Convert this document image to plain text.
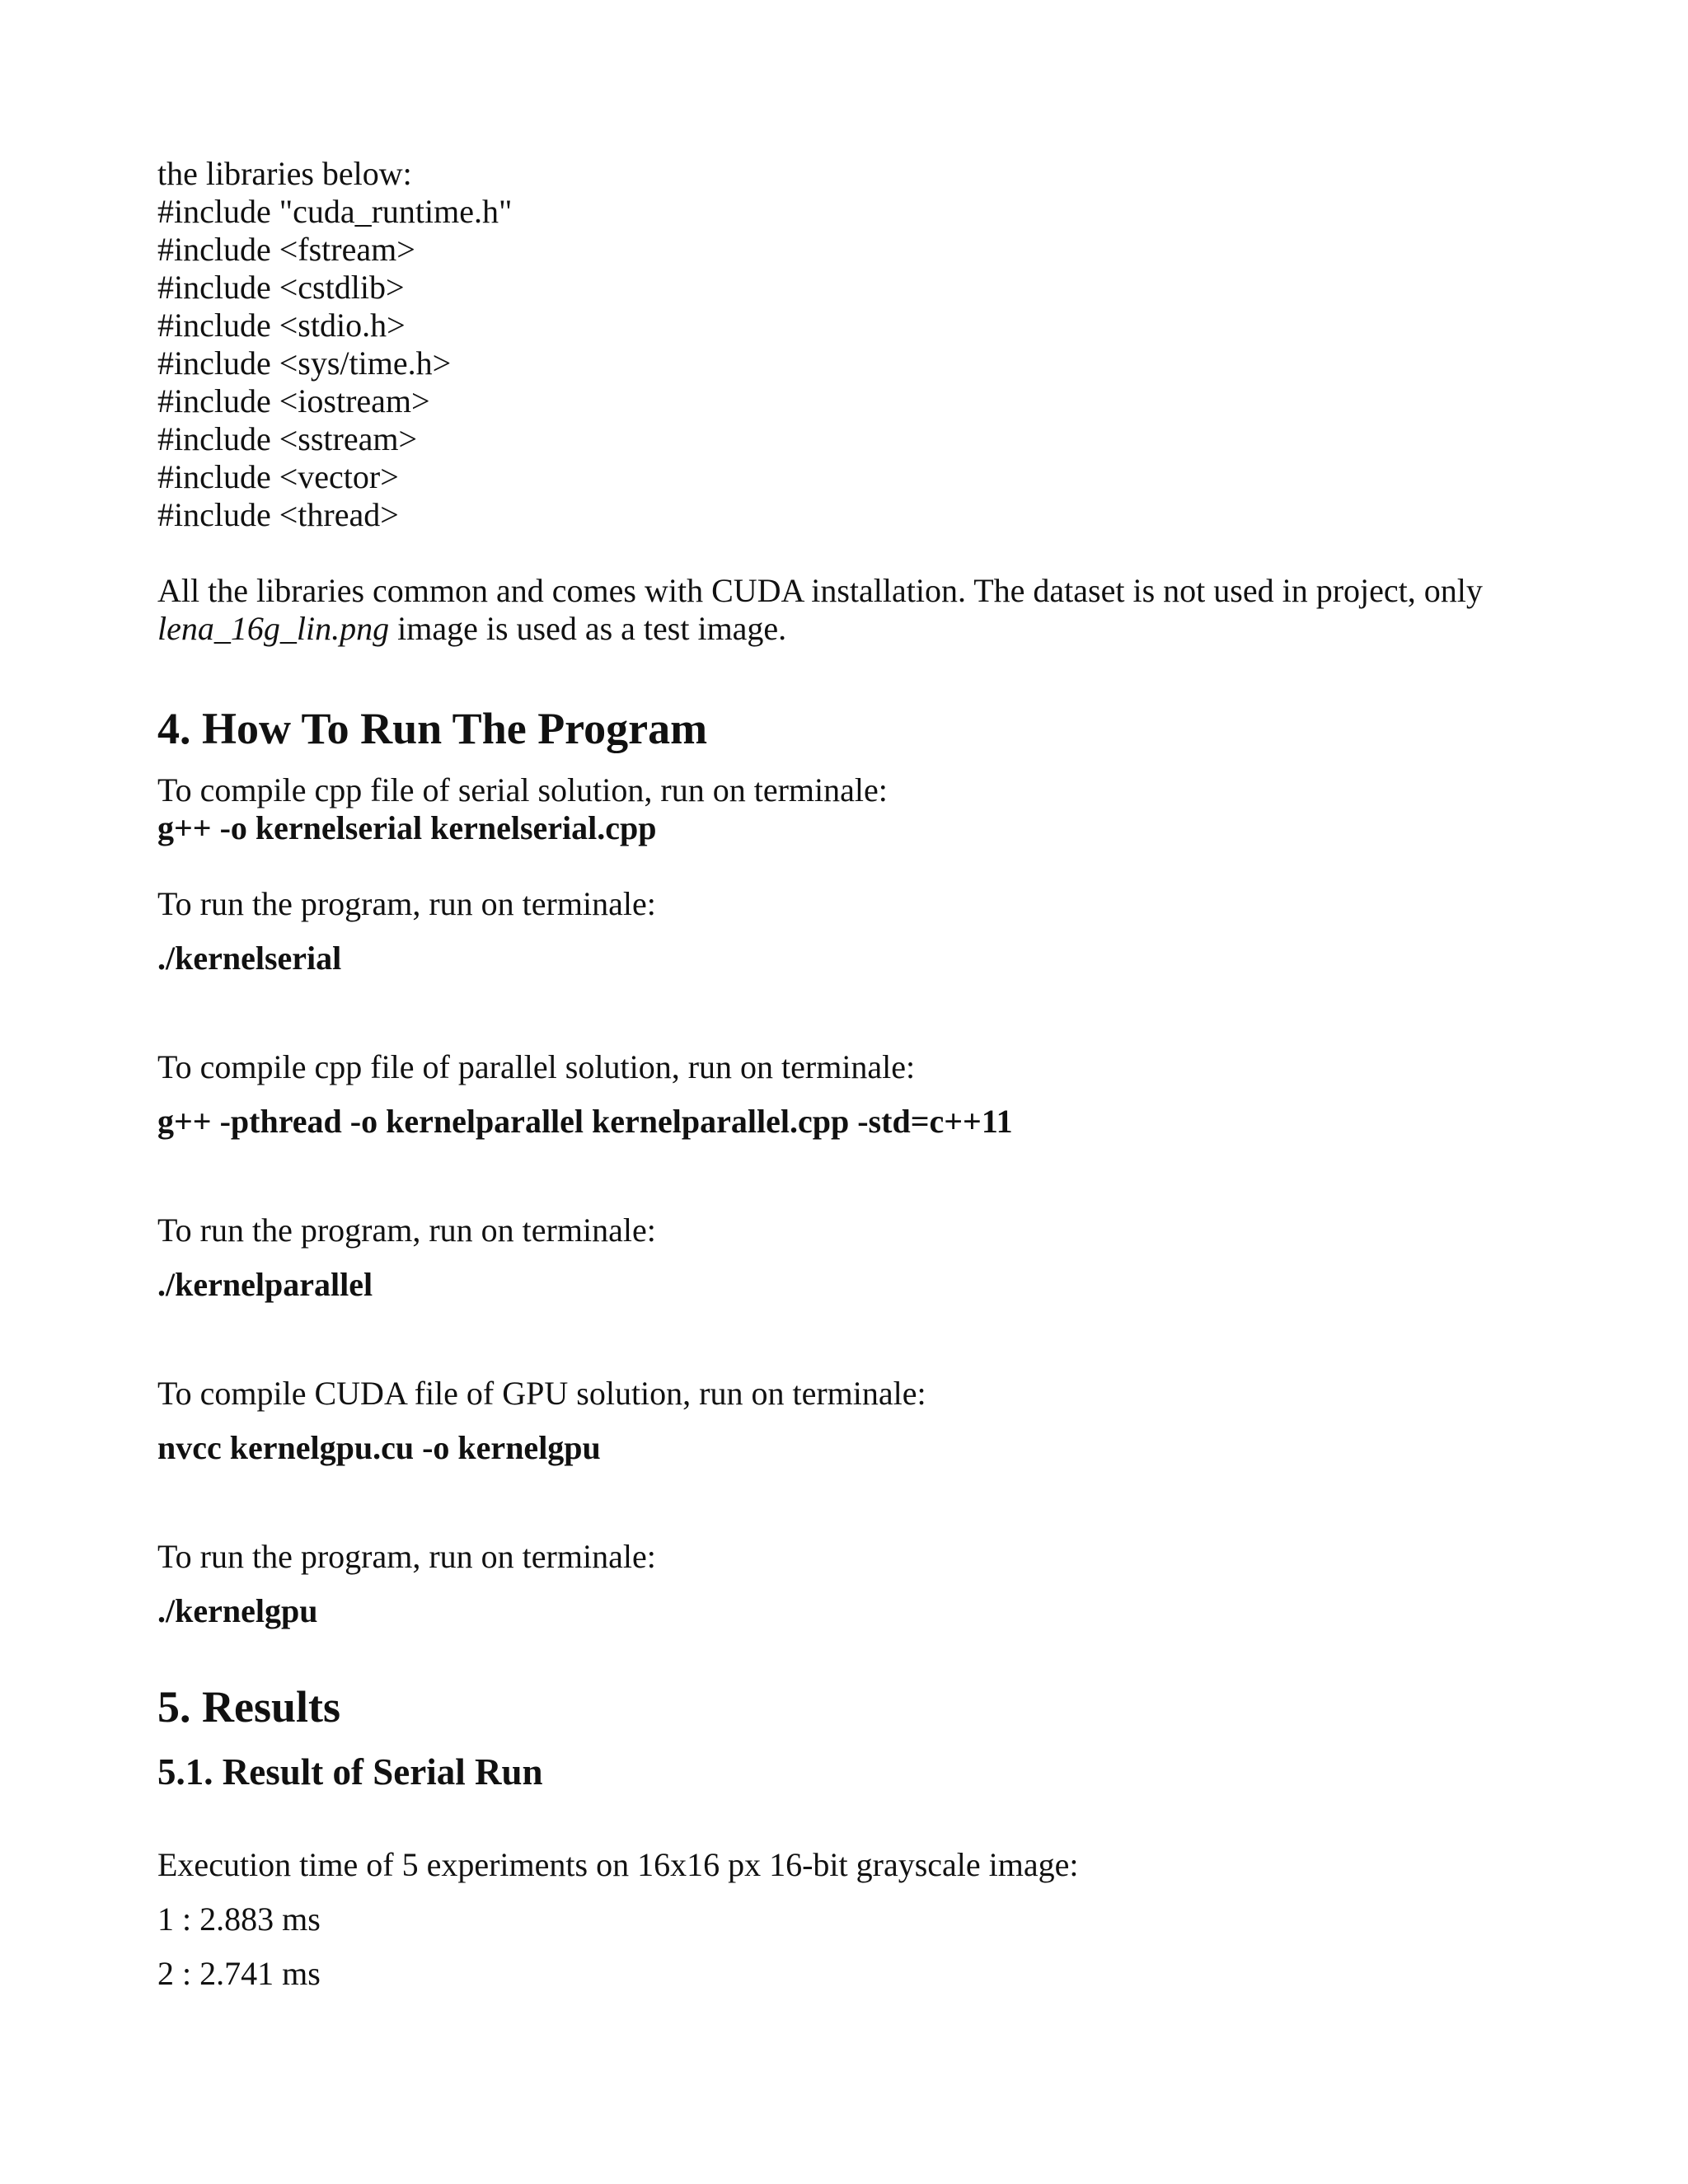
the libraries below:

#include "cuda_runtime.h"

#include <fstream>

#include <cstdlib>

#include <stdio.h>

#include <sys/time.h>

#include <iostream>

#include <sstream>

#include <vector>

#include <thread>

All the libraries common and comes with CUDA installation. The dataset is not used in project, only

lena_16g_lin.png image is used as a test image.

4. How To Run The Program

To compile cpp file of serial solution, run on terminale:

g++ -o kernelserial kernelserial.cpp

To run the program, run on terminale:

./kernelserial

To compile cpp file of parallel solution, run on terminale:

g++ -pthread -o kernelparallel kernelparallel.cpp -std=c++11

To run the program, run on terminale:

./kernelparallel

To compile CUDA file of GPU solution, run on terminale:

nvcc kernelgpu.cu -o kernelgpu

To run the program, run on terminale:

./kernelgpu

5. Results
5.1. Result of Serial Run

Execution time of 5 experiments on 16x16 px 16-bit grayscale image:

1 : 2.883 ms

2 : 2.741 ms
